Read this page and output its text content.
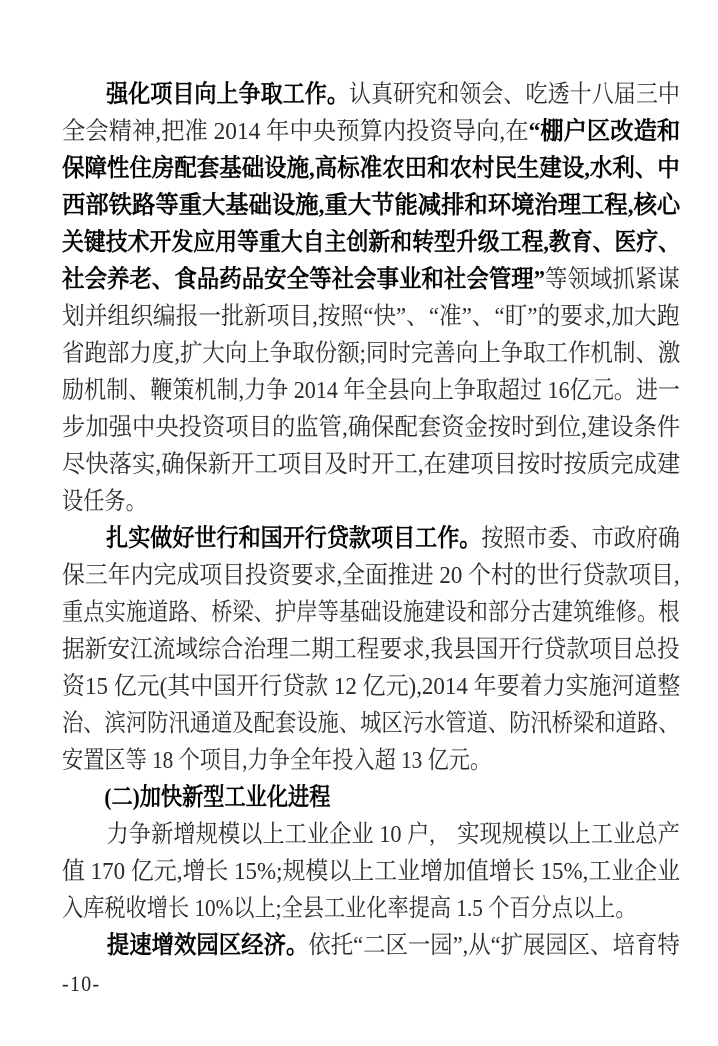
强化项目向上争取工作。认真研究和领会、吃透十八届三中
全会精神,把准 2014 年中央预算内投资导向,在“棚户区改造和
保障性住房配套基础设施,高标准农田和农村民生建设,水利、中
西部铁路等重大基础设施,重大节能减排和环境治理工程,核心
关键技术开发应用等重大自主创新和转型升级工程,教育、医疗、
社会养老、食品药品安全等社会事业和社会管理”等领域抓紧谋
划并组织编报一批新项目,按照“快”、“准”、“盯”的要求,加大跑
省跑部力度,扩大向上争取份额;同时完善向上争取工作机制、激
励机制、鞭策机制,力争 2014 年全县向上争取超过 16亿元。进一
步加强中央投资项目的监管,确保配套资金按时到位,建设条件
尽快落实,确保新开工项目及时开工,在建项目按时按质完成建
设任务。
扎实做好世行和国开行贷款项目工作。按照市委、市政府确
保三年内完成项目投资要求,全面推进 20 个村的世行贷款项目,
重点实施道路、桥梁、护岸等基础设施建设和部分古建筑维修。根
据新安江流域综合治理二期工程要求,我县国开行贷款项目总投
资15 亿元(其中国开行贷款 12 亿元),2014 年要着力实施河道整
治、滨河防汛通道及配套设施、城区污水管道、防汛桥梁和道路、
安置区等 18 个项目,力争全年投入超 13 亿元。
(二)加快新型工业化进程
力争新增规模以上工业企业 10 户,　实现规模以上工业总产
值 170 亿元,增长 15%;规模以上工业增加值增长 15%,工业企业
入库税收增长 10%以上;全县工业化率提高 1.5 个百分点以上。
提速增效园区经济。依托“二区一园”,从“扩展园区、培育特
-10-
